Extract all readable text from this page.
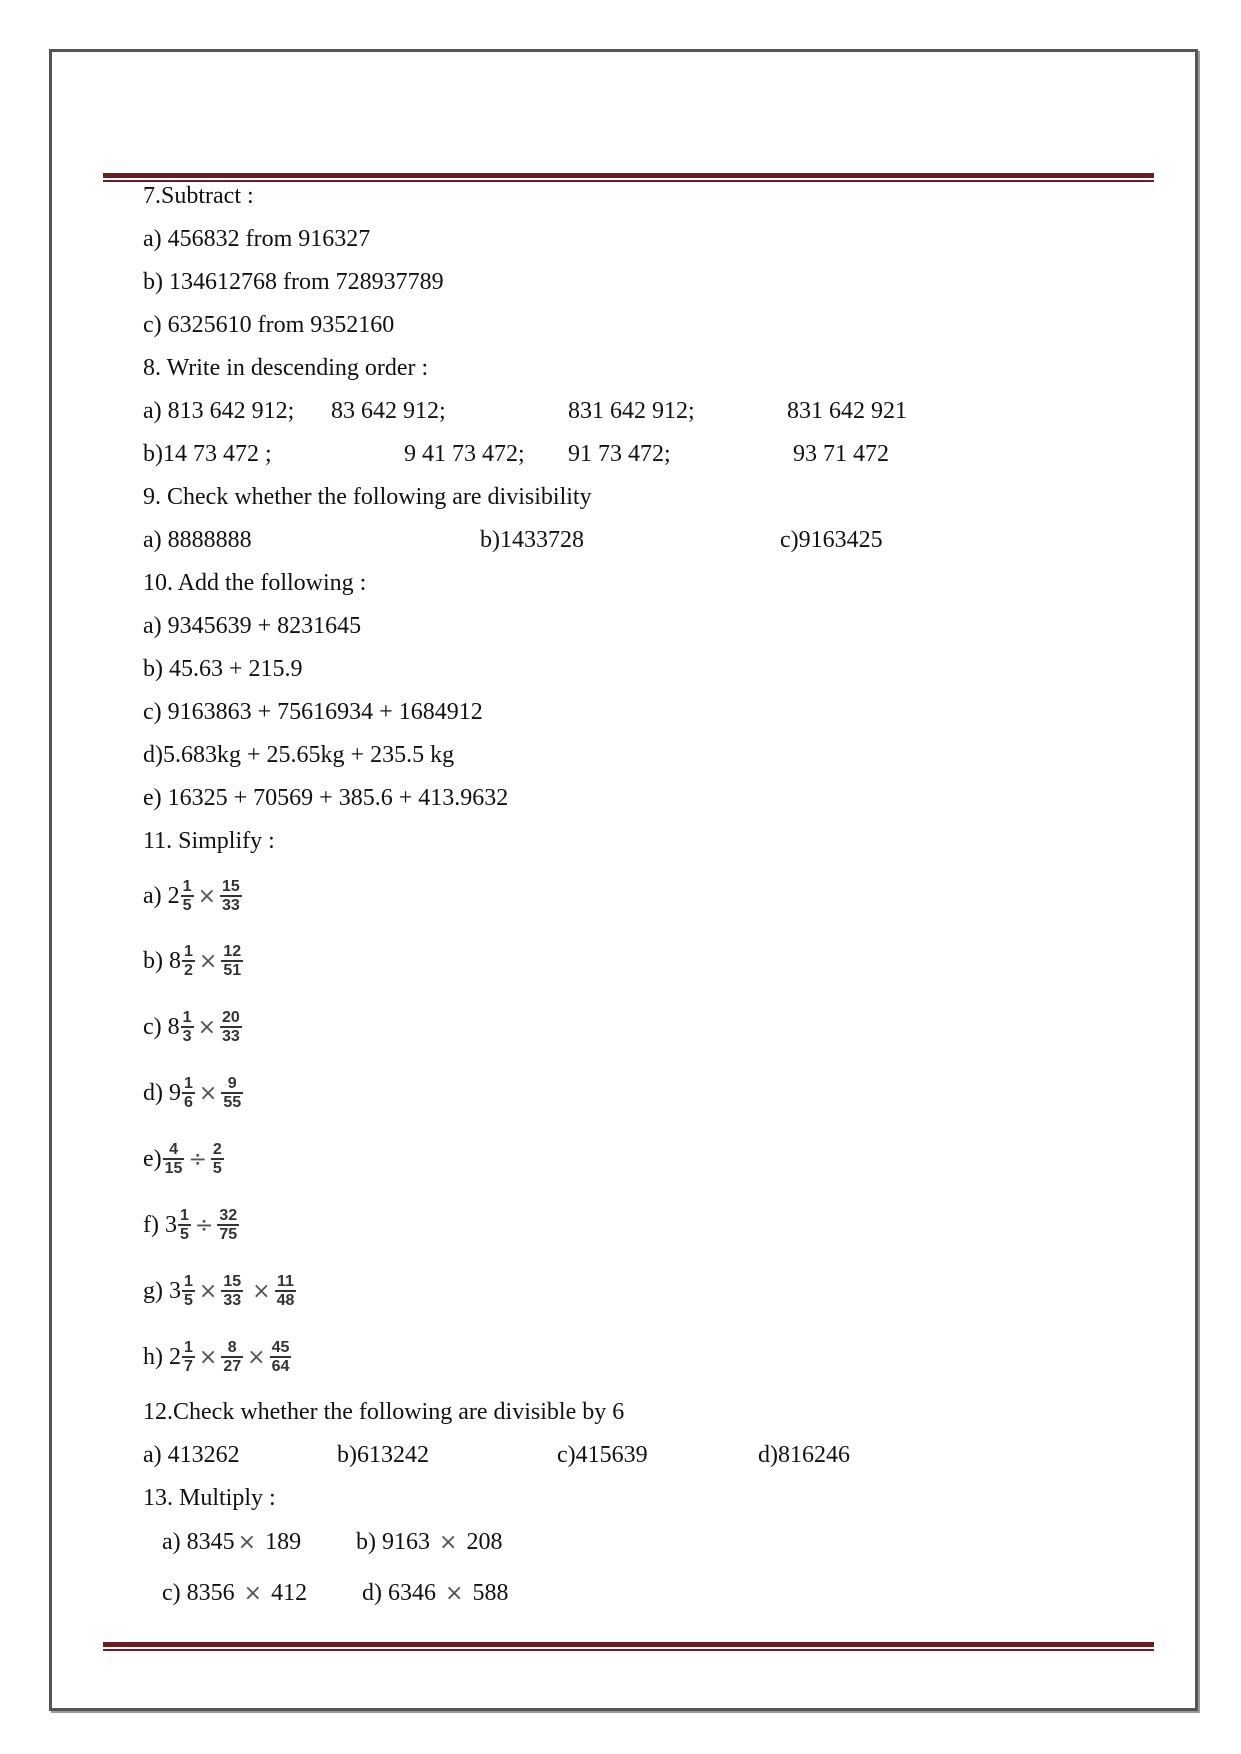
7.Subtract :
a) 456832 from 916327
b) 134612768 from 728937789
c) 6325610 from 9352160
8. Write in descending order :
a) 813 642 912; 83 642 912;	831 642 912;	831 642 921
b)14 73 472 ;	9 41 73 472; 91 73 472;	93 71 472
9. Check whether the following are divisibility
a) 8888888	b)1433728	c)9163425
10. Add the following :
a) 9345639 + 8231645
b) 45.63 + 215.9
c) 9163863 + 75616934 + 1684912
d)5.683kg + 25.65kg + 235.5 kg
e) 16325 + 70569 + 385.6 + 413.9632
11. Simplify :
a) $2 \frac{1}{5} \times \frac{15}{33}$
b) $8 \frac{1}{2} \times \frac{12}{51}$
c) $8 \frac{1}{3} \times \frac{20}{33}$
d) $9 \frac{1}{6} \times \frac{9}{55}$
$e) \frac{4}{15} \div \frac{2}{5}$
f) $3 \frac{1}{5} \div \frac{32}{75}$
g) $3 \frac{1}{5} \times \frac{15}{33} \times \frac{11}{48}$
h) $2 \frac{1}{7} \times \frac{8}{27} \times \frac{45}{64}$
12.Check whether the following are divisible by 6
a) 413262	b)613242	c)415639	d)816246
13. Multiply :
a) 8345 × 189 b) 9163 × 208
c) 8356 × 412 d) 6346 × 588
